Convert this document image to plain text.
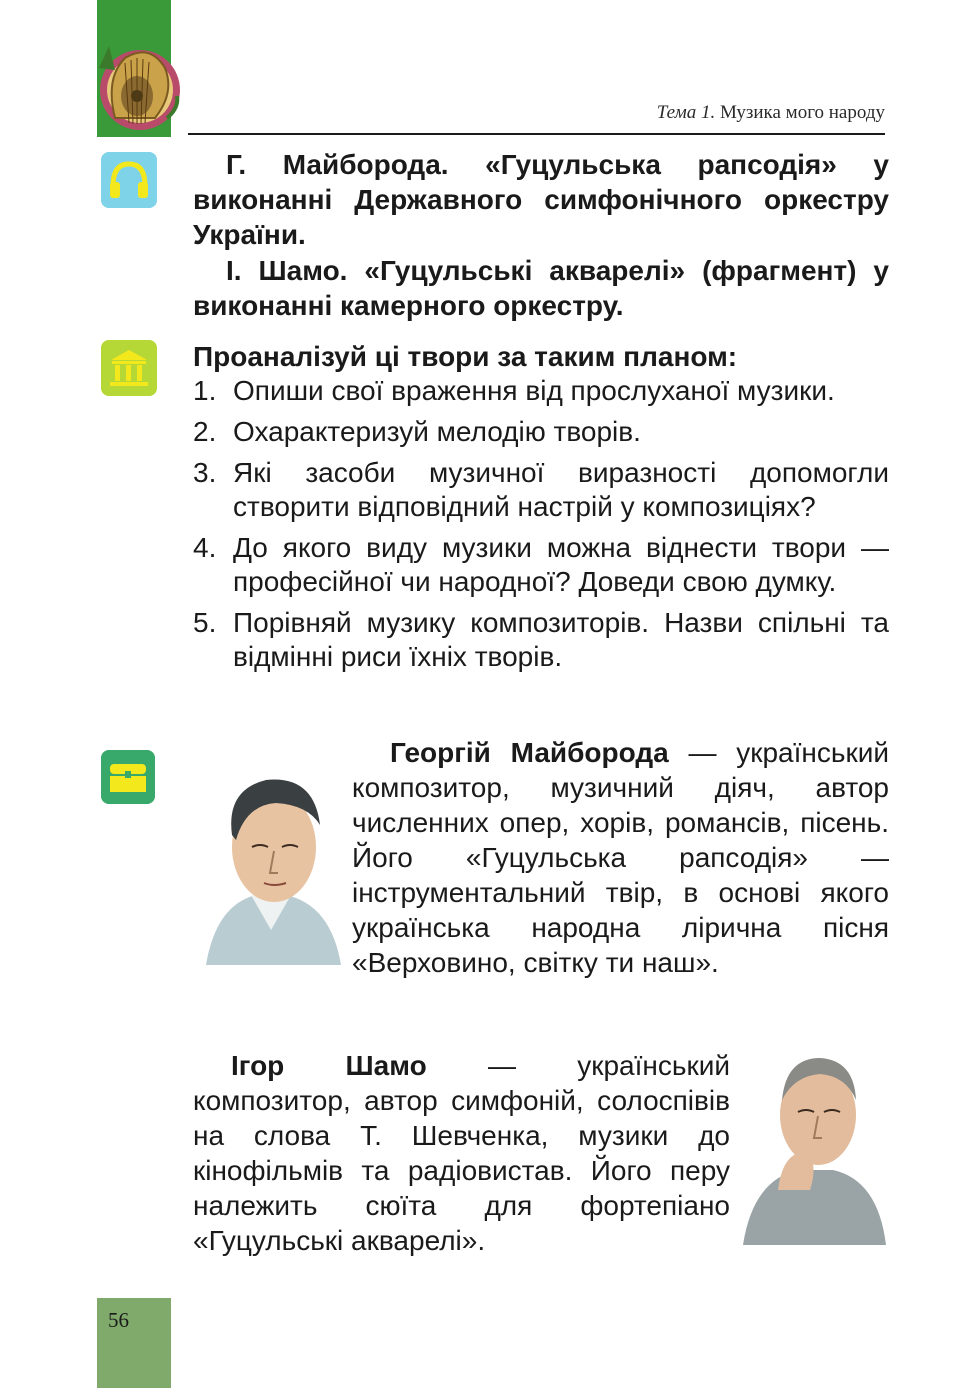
Тема 1. Музика мого народу
Г. Майборода. «Гуцульська рапсодія» у виконанні Державного симфонічного оркестру України.
І. Шамо. «Гуцульські акварелі» (фрагмент) у виконанні камерного оркестру.
Проаналізуй ці твори за таким планом:
1. Опиши свої враження від прослуханої музики.
2. Охарактеризуй мелодію творів.
3. Які засоби музичної виразності допомогли створити відповідний настрій у композиціях?
4. До якого виду музики можна віднести твори — професійної чи народної? Доведи свою думку.
5. Порівняй музику композиторів. Назви спільні та відмінні риси їхніх творів.
Георгій Майборода — український композитор, музичний діяч, автор численних опер, хорів, романсів, пісень. Його «Гуцульська рапсодія» — інструментальний твір, в основі якого українська народна лірична пісня «Верховино, світку ти наш».
Ігор Шамо — український композитор, автор симфоній, солоспівів на слова Т. Шевченка, музики до кінофільмів та радіовистав. Його перу належить сюїта для фортепіано «Гуцульські акварелі».
56
